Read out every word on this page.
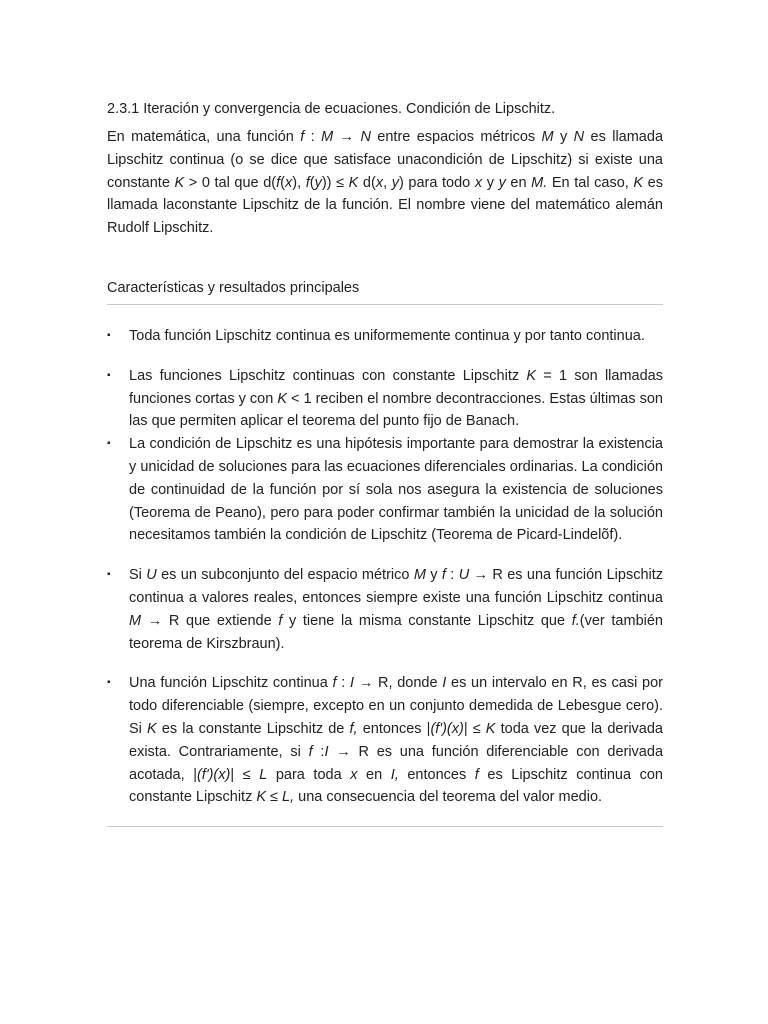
2.3.1 Iteración y convergencia de ecuaciones. Condición de Lipschitz.

En matemática, una función f : M → N entre espacios métricos M y N es llamada Lipschitz continua (o se dice que satisface unacondición de Lipschitz) si existe una constante K > 0 tal que d(f(x), f(y)) ≤ K d(x, y) para todo x y y en M. En tal caso, K es llamada laconstante Lipschitz de la función. El nombre viene del matemático alemán Rudolf Lipschitz.

Características y resultados principales
▪ Toda función Lipschitz continua es uniformemente continua y por tanto continua.
▪ Las funciones Lipschitz continuas con constante Lipschitz K = 1 son llamadas funciones cortas y con K < 1 reciben el nombre decontracciones. Estas últimas son las que permiten aplicar el teorema del punto fijo de Banach.
▪ La condición de Lipschitz es una hipótesis importante para demostrar la existencia y unicidad de soluciones para las ecuaciones diferenciales ordinarias. La condición de continuidad de la función por sí sola nos asegura la existencia de soluciones (Teorema de Peano), pero para poder confirmar también la unicidad de la solución necesitamos también la condición de Lipschitz (Teorema de Picard-Lindelõf).
▪ Si U es un subconjunto del espacio métrico M y f : U → R es una función Lipschitz continua a valores reales, entonces siempre existe una función Lipschitz continua M → R que extiende f y tiene la misma constante Lipschitz que f.(ver también teorema de Kirszbraun).
▪ Una función Lipschitz continua f : I → R, donde I es un intervalo en R, es casi por todo diferenciable (siempre, excepto en un conjunto demedida de Lebesgue cero). Si K es la constante Lipschitz de f, entonces |(f')(x)| ≤ K toda vez que la derivada exista. Contrariamente, si f :I → R es una función diferenciable con derivada acotada, |(f')(x)| ≤ L para toda x en I, entonces f es Lipschitz continua con constante Lipschitz K ≤ L, una consecuencia del teorema del valor medio.
